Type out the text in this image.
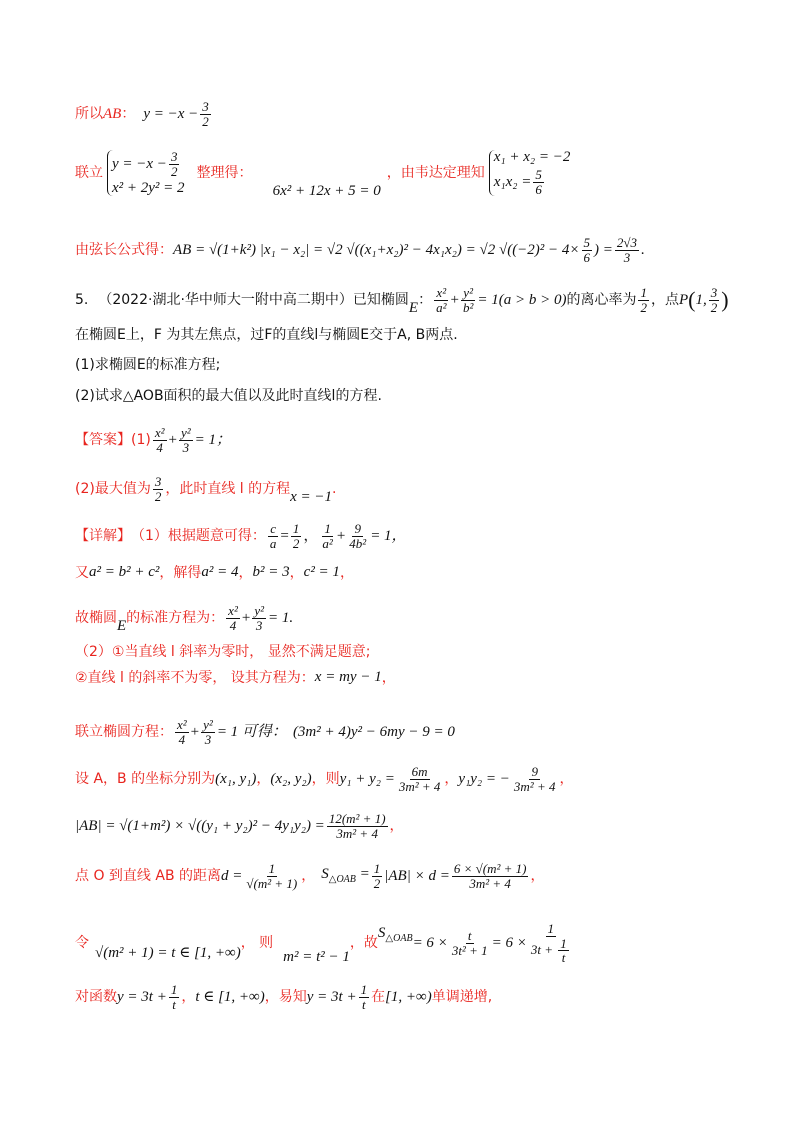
所以 AB ： $y = -x - \frac{3}{2}$
联立
$y = -x - \frac{3}{2}$
x² + 2y² = 2
整理得：
6x² + 12x + 5 = 0
，由韦达定理知
x₁ + x₂ = −2
$x_1x_2 = \frac{5}{6}$
由弦长公式得： AB = √(1+k²) |x₁ − x₂| = √2 √((x₁+x₂)² − 4x₁x₂) = √2 $√((-2)^2 - 4\times \frac{5}{6}$ ) = $\frac{2√3}{3}$ .
5. （2022·湖北·华中师大一附中高二期中）已知椭圆 E ： $\frac{\text{x²}}{\text{a²}} + \frac{\text{y²}}{\text{b²}} = 1(a > b > 0)$ 的离心率为 $\frac{1}{2}$ ，点 P ( 1, $\frac{3}{2}$ )
在椭圆E上，F 为其左焦点，过F的直线l与椭圆E交于A, B两点.
(1)求椭圆E的标准方程;
(2)试求△AOB面积的最大值以及此时直线l的方程.
【答案】 $(1) \frac{\text{x²}}{4} + \frac{\text{y²}}{3} = 1$；
(2)最大值为 $\frac{3}{2}$ ，此时直线 l 的方程 x = −1 .
【详解】 （1）根据题意可得： $\frac{c}{a} = \frac{1}{2}$ ， $\frac{1}{\text{a²}} + \frac{9}{\text{4b²}} = 1$，
又 a² = b² + c² ，解得 a² = 4 ， b² = 3 ， c² = 1 ，
故椭圆 E 的标准方程为： $\frac{\text{x²}}{4} + \frac{\text{y²}}{3} = 1$.
（2）①当直线 l 斜率为零时， 显然不满足题意;
②直线 l 的斜率不为零， 设其方程为： x = my − 1 ，
联立椭圆方程： $\frac{\text{x²}}{4} + \frac{\text{y²}}{3} = 1$ 可得： (3m² + 4)y² − 6my − 9 = 0
设 A，B 的坐标分别为 (x₁, y₁) ， (x₂, y₂) ，则 $y_1 + y_2 = \frac{6m}{\text{3m² + 4}}$ ， y₁y₂ = − $\frac{9}{\text{3m² + 4}}$ ，
$|AB| = √(1+m^2) \times √((y_1 + y_2)^2 - 4y_1y_2) = \frac{\text{12(m² + 1)}}{\text{3m² + 4}}$ ，
点 O 到直线 AB 的距离 $d = \frac{1}{\text{√(m² + 1)}}$ ， $S_{\triangle OAB} = \frac{1}{2} |AB| \times d = \frac{\text{6 × √(m² + 1)}}{\text{3m² + 4}}$ ，
令
√(m² + 1) = t ∈ [1, +∞)
， 则
m² = t² − 1
，故
$S_{\triangle OAB} = 6 \times \frac{t}{\text{3t² + 1}} = 6 \times \frac{1}{3t + \frac{1}{t}}$
对函数 $y = 3t + \frac{1}{t}$ ， t ∈ [1, +∞) ，易知 $y = 3t + \frac{1}{t}$ 在 [1, +∞) 单调递增,
